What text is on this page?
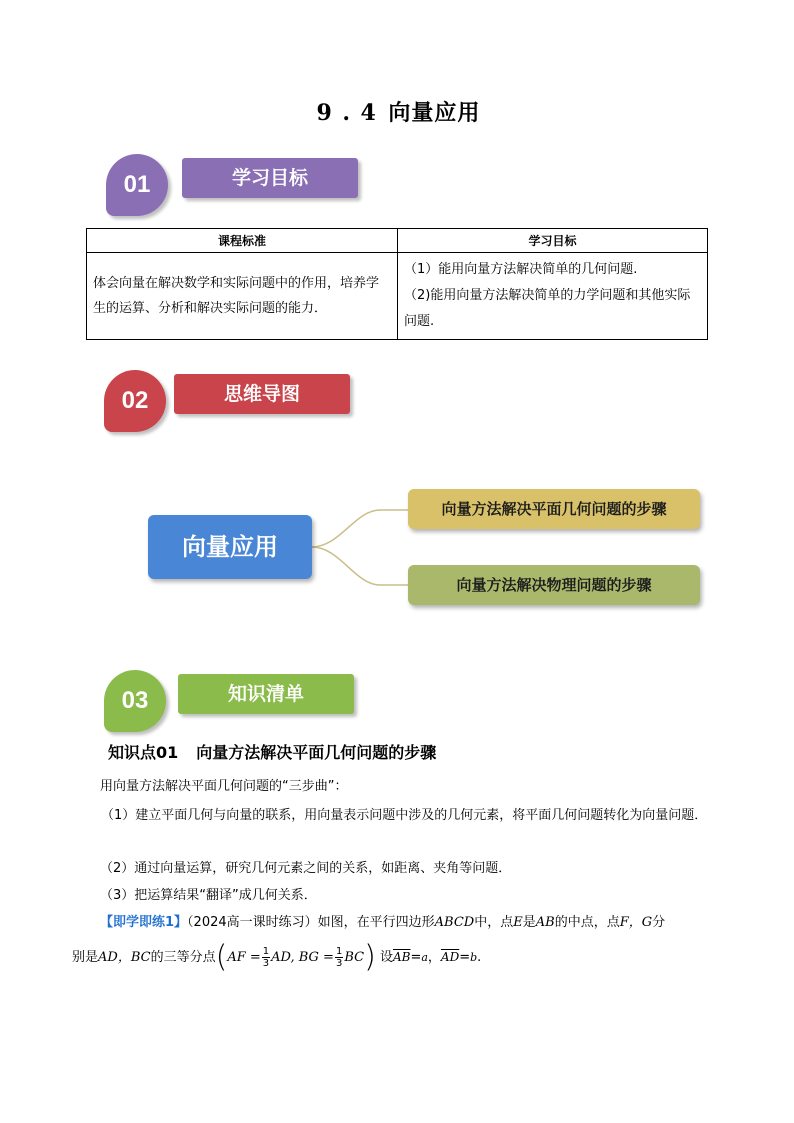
9 . 4 向量应用
01	学习目标
课程标准	学习目标
体会向量在解决数学和实际问题中的作用，培养学生的运算、分析和解决实际问题的能力．	（1）能用向量方法解决简单的几何问题.
（2)能用向量方法解决简单的力学问题和其他实际问题.
02	思维导图
向量应用
向量方法解决平面几何问题的步骤
向量方法解决物理问题的步骤
03	知识清单
知识点01 向量方法解决平面几何问题的步骤
用向量方法解决平面几何问题的“三步曲”：
（1）建立平面几何与向量的联系，用向量表示问题中涉及的几何元素，将平面几何问题转化为向量问题．
（2）通过向量运算，研究几何元素之间的关系，如距离、夹角等问题．
（3）把运算结果“翻译”成几何关系．
【即学即练1】（2024高一课时练习）如图，在平行四边形ABCD中，点E是AB的中点，点F，G分
别是AD，BC的三等分点($AF = \frac{1}{3}$ AD, BG = $\frac{1}{3} BC$) 设$\overline{AB}=a$，$\overline{AD}=b$.
